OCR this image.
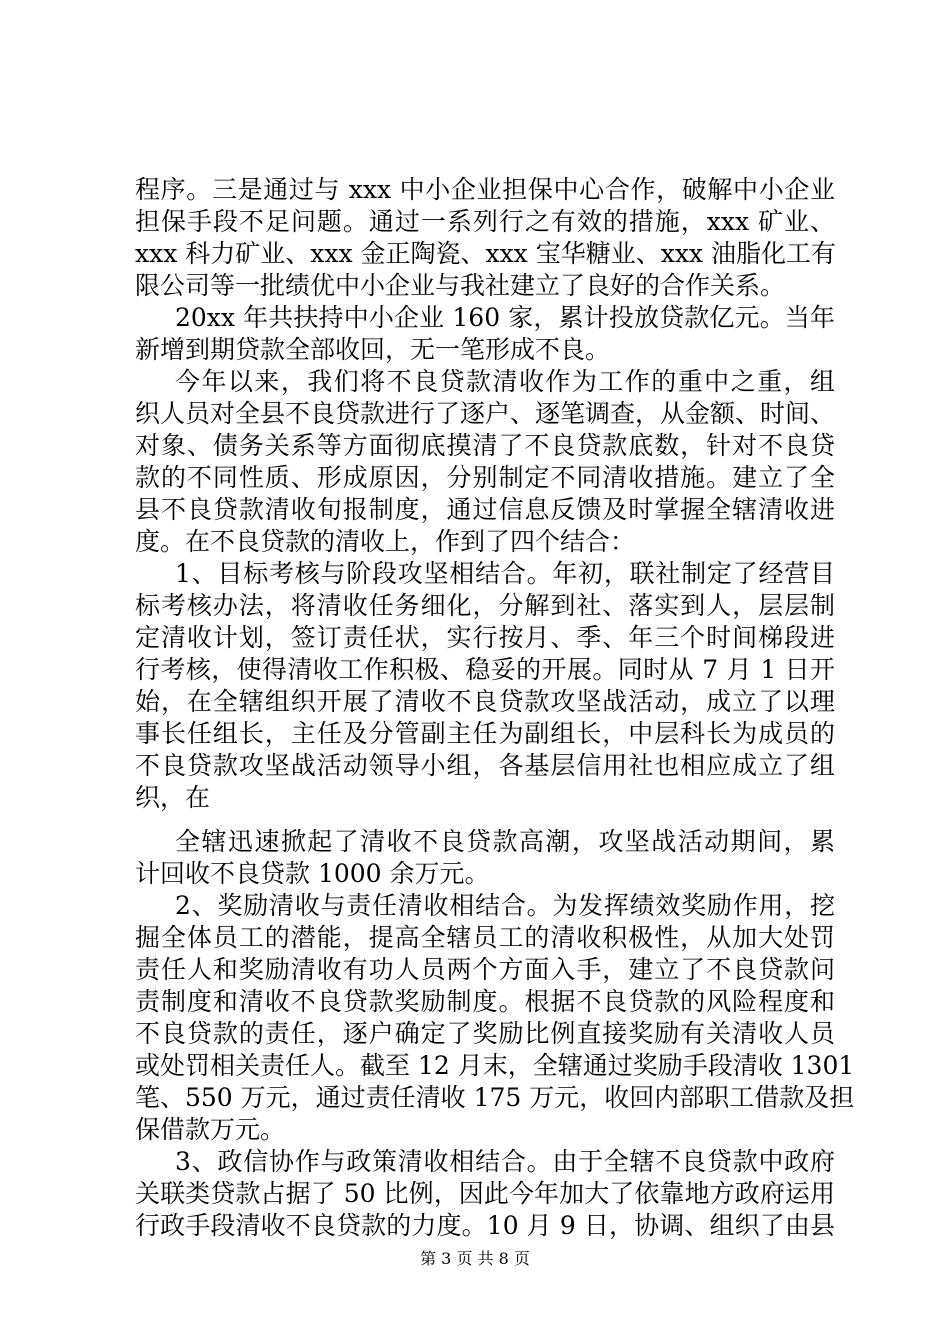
程序。三是通过与 xxx 中小企业担保中心合作，破解中小企业
担保手段不足问题。通过一系列行之有效的措施，xxx 矿业、
xxx 科力矿业、xxx 金正陶瓷、xxx 宝华糖业、xxx 油脂化工有
限公司等一批绩优中小企业与我社建立了良好的合作关系。
20xx 年共扶持中小企业 160 家，累计投放贷款亿元。当年
新增到期贷款全部收回，无一笔形成不良。
今年以来，我们将不良贷款清收作为工作的重中之重，组
织人员对全县不良贷款进行了逐户、逐笔调查，从金额、时间、
对象、债务关系等方面彻底摸清了不良贷款底数，针对不良贷
款的不同性质、形成原因，分别制定不同清收措施。建立了全
县不良贷款清收旬报制度，通过信息反馈及时掌握全辖清收进
度。在不良贷款的清收上，作到了四个结合：
1、目标考核与阶段攻坚相结合。年初，联社制定了经营目
标考核办法，将清收任务细化，分解到社、落实到人，层层制
定清收计划，签订责任状，实行按月、季、年三个时间梯段进
行考核，使得清收工作积极、稳妥的开展。同时从 7 月 1 日开
始，在全辖组织开展了清收不良贷款攻坚战活动，成立了以理
事长任组长，主任及分管副主任为副组长，中层科长为成员的
不良贷款攻坚战活动领导小组，各基层信用社也相应成立了组
织，在
全辖迅速掀起了清收不良贷款高潮，攻坚战活动期间，累
计回收不良贷款 1000 余万元。
2、奖励清收与责任清收相结合。为发挥绩效奖励作用，挖
掘全体员工的潜能，提高全辖员工的清收积极性，从加大处罚
责任人和奖励清收有功人员两个方面入手，建立了不良贷款问
责制度和清收不良贷款奖励制度。根据不良贷款的风险程度和
不良贷款的责任，逐户确定了奖励比例直接奖励有关清收人员
或处罚相关责任人。截至 12 月末，全辖通过奖励手段清收 1301
笔、550 万元，通过责任清收 175 万元，收回内部职工借款及担
保借款万元。
3、政信协作与政策清收相结合。由于全辖不良贷款中政府
关联类贷款占据了 50 比例，因此今年加大了依靠地方政府运用
行政手段清收不良贷款的力度。10 月 9 日，协调、组织了由县
第 3 页 共 8 页
